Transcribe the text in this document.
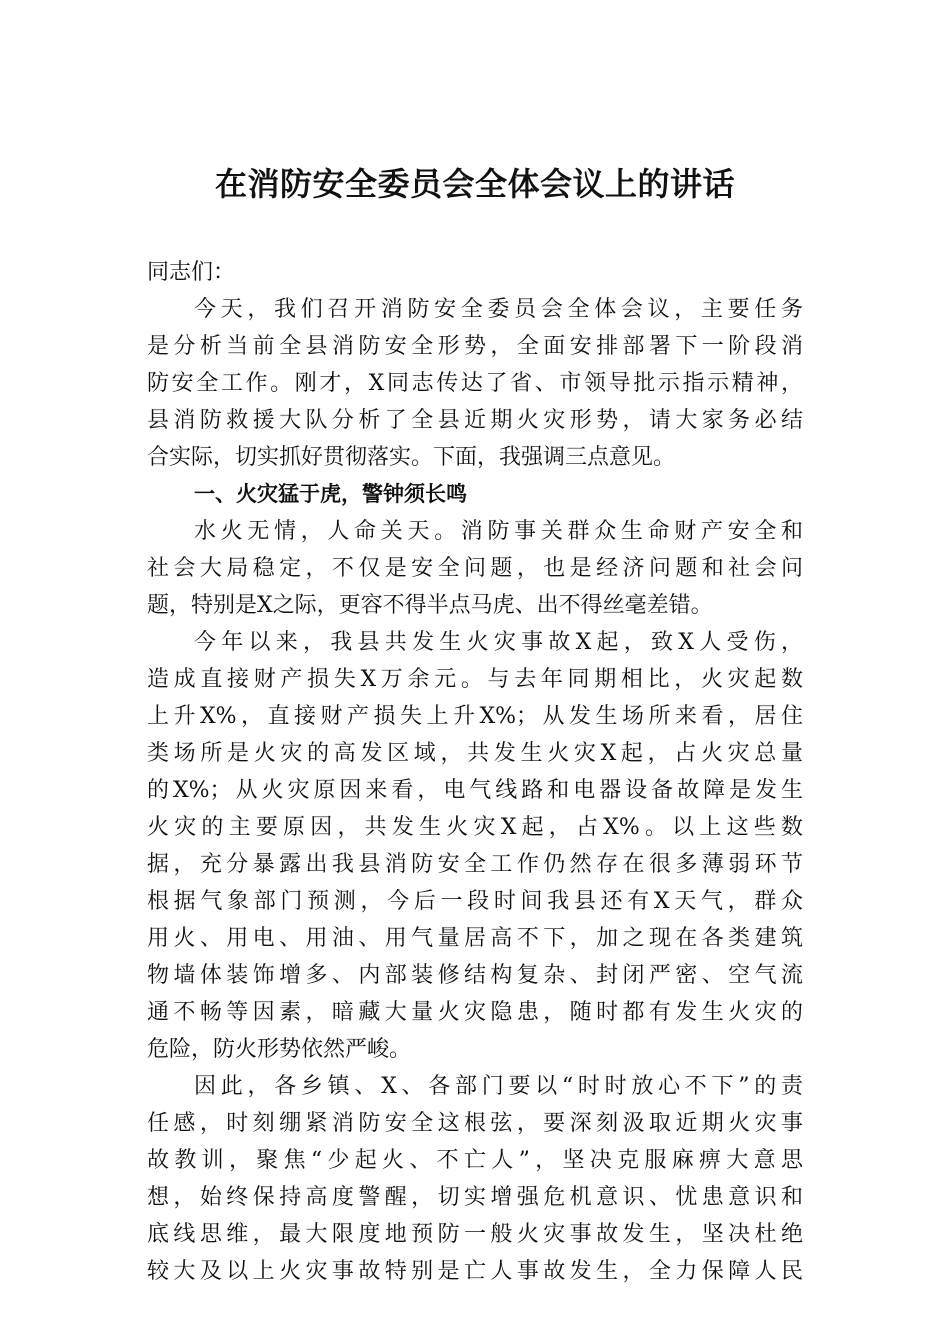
在消防安全委员会全体会议上的讲话
同志们：
今天，我们召开消防安全委员会全体会议，主要任务
是分析当前全县消防安全形势，全面安排部署下一阶段消
防安全工作。刚才，X同志传达了省、市领导批示指示精神，
县消防救援大队分析了全县近期火灾形势，请大家务必结
合实际，切实抓好贯彻落实。下面，我强调三点意见。
一、火灾猛于虎，警钟须长鸣
水火无情，人命关天。消防事关群众生命财产安全和
社会大局稳定，不仅是安全问题，也是经济问题和社会问
题，特别是X之际，更容不得半点马虎、出不得丝毫差错。
今年以来，我县共发生火灾事故X起，致X人受伤，
造成直接财产损失X万余元。与去年同期相比，火灾起数
上升X%，直接财产损失上升X%；从发生场所来看，居住
类场所是火灾的高发区域，共发生火灾X起，占火灾总量
的X%；从火灾原因来看，电气线路和电器设备故障是发生
火灾的主要原因，共发生火灾X起，占X%。以上这些数
据，充分暴露出我县消防安全工作仍然存在很多薄弱环节
根据气象部门预测，今后一段时间我县还有X天气，群众
用火、用电、用油、用气量居高不下，加之现在各类建筑
物墙体装饰增多、内部装修结构复杂、封闭严密、空气流
通不畅等因素，暗藏大量火灾隐患，随时都有发生火灾的
危险，防火形势依然严峻。
因此，各乡镇、X、各部门要以“时时放心不下”的责
任感，时刻绷紧消防安全这根弦，要深刻汲取近期火灾事
故教训，聚焦“少起火、不亡人”，坚决克服麻痹大意思
想，始终保持高度警醒，切实增强危机意识、忧患意识和
底线思维，最大限度地预防一般火灾事故发生，坚决杜绝
较大及以上火灾事故特别是亡人事故发生，全力保障人民
